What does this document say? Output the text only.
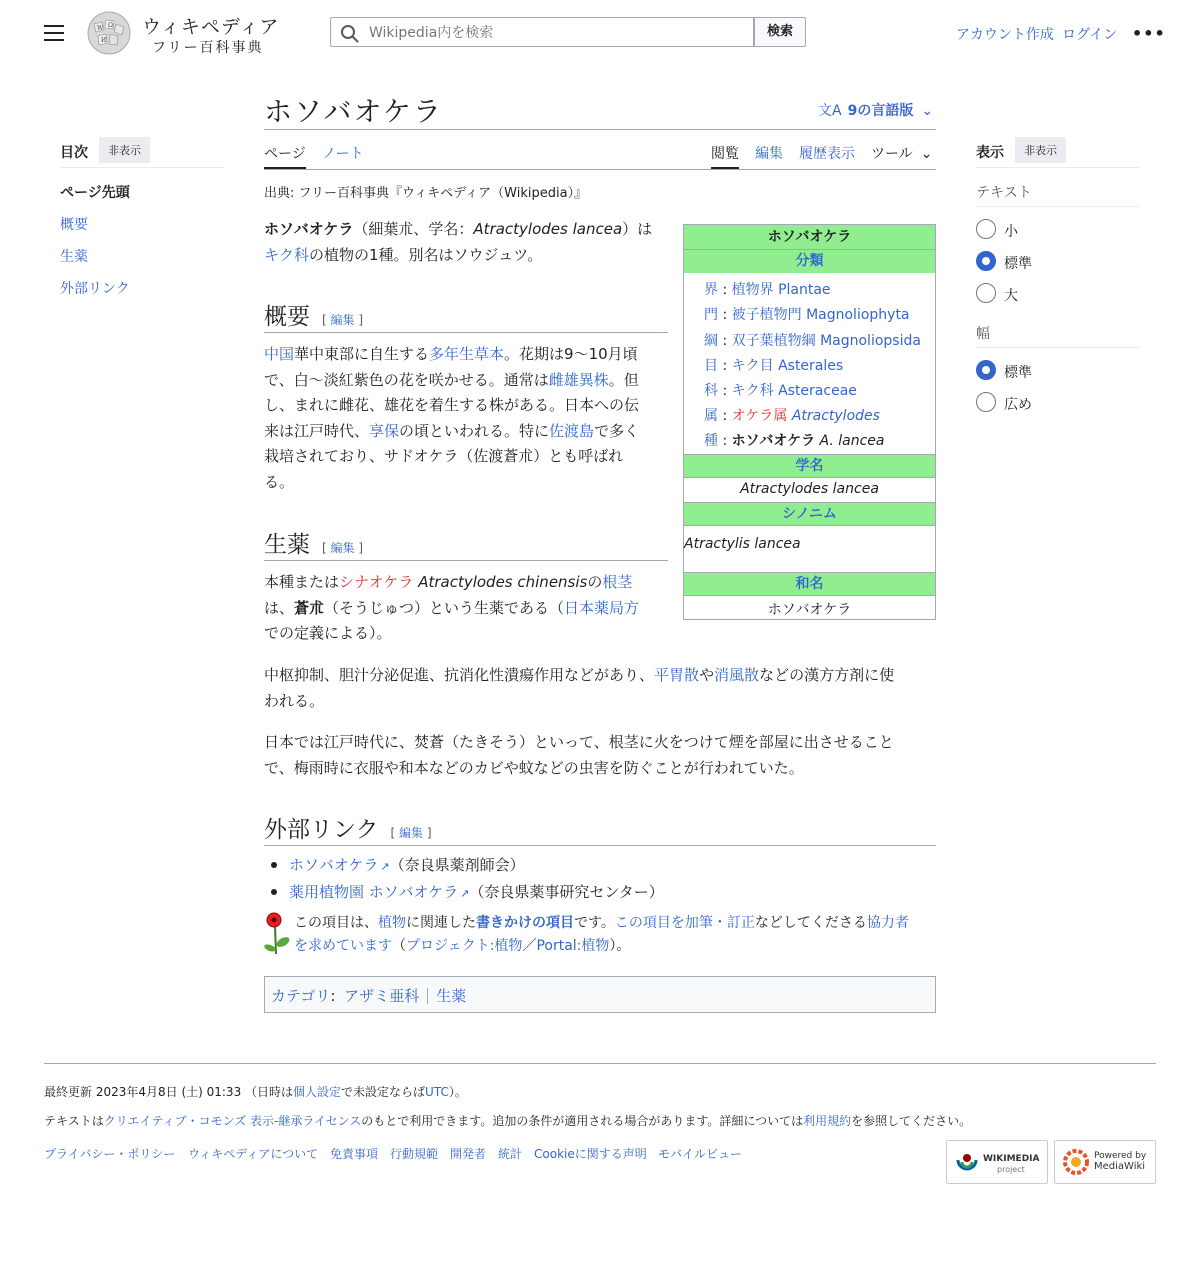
W Ω
И
ウィキペディア
フリー百科事典
Wikipedia内を検索
検索	アカウント作成 ログイン •••
目次	非表示
ページ先頭
概要
生薬
外部リンク
ホソバオケラ	文A 9の言語版 ⌄
ページ ノート	閲覧 編集 履歴表示 ツール ⌄
出典: フリー百科事典『ウィキペディア（Wikipedia）』
ホソバオケラ（細葉朮、学名：Atractylodes lancea）は
キク科の植物の1種。別名はソウジュツ。
ホソバオケラ
分類
界 : 植物界 Plantae
門 : 被子植物門 Magnoliophyta
綱 : 双子葉植物綱 Magnoliopsida
目 : キク目 Asterales
科 : キク科 Asteraceae
属 : オケラ属 Atractylodes
種 : ホソバオケラ A. lancea
学名
Atractylodes lancea
シノニム
Atractylis lancea
和名
ホソバオケラ
概要 [ 編集 ]
中国華中東部に自生する多年生草本。花期は9〜10月頃
で、白〜淡紅紫色の花を咲かせる。通常は雌雄異株。但
し、まれに雌花、雄花を着生する株がある。日本への伝
来は江戸時代、享保の頃といわれる。特に佐渡島で多く
栽培されており、サドオケラ（佐渡蒼朮）とも呼ばれ
る。
生薬 [ 編集 ]
本種またはシナオケラ Atractylodes chinensisの根茎
は、蒼朮（そうじゅつ）という生薬である（日本薬局方
での定義による）。
中枢抑制、胆汁分泌促進、抗消化性潰瘍作用などがあり、平胃散や消風散などの漢方方剤に使
われる。
日本では江戸時代に、焚蒼（たきそう）といって、根茎に火をつけて煙を部屋に出させること
で、梅雨時に衣服や和本などのカビや蚊などの虫害を防ぐことが行われていた。
外部リンク [ 編集 ]
ホソバオケラ ↗ （奈良県薬剤師会）
薬用植物園 ホソバオケラ ↗ （奈良県薬事研究センター）
この項目は、植物に関連した書きかけの項目です。この項目を加筆・訂正などしてくださる協力者
を求めています（プロジェクト:植物／Portal:植物）。
カテゴリ: アザミ亜科 生薬
表示	非表示
テキスト
小
標準
大
幅
標準
広め
最終更新 2023年4月8日 (土) 01:33 （日時は個人設定で未設定ならばUTC）。
テキストはクリエイティブ・コモンズ 表示-継承ライセンスのもとで利用できます。追加の条件が適用される場合があります。詳細については利用規約を参照してください。
プライバシー・ポリシー ウィキペディアについて 免責事項 行動規範 開発者 統計 Cookieに関する声明 モバイルビュー	WIKIMEDIA
project
Powered by
MediaWiki
